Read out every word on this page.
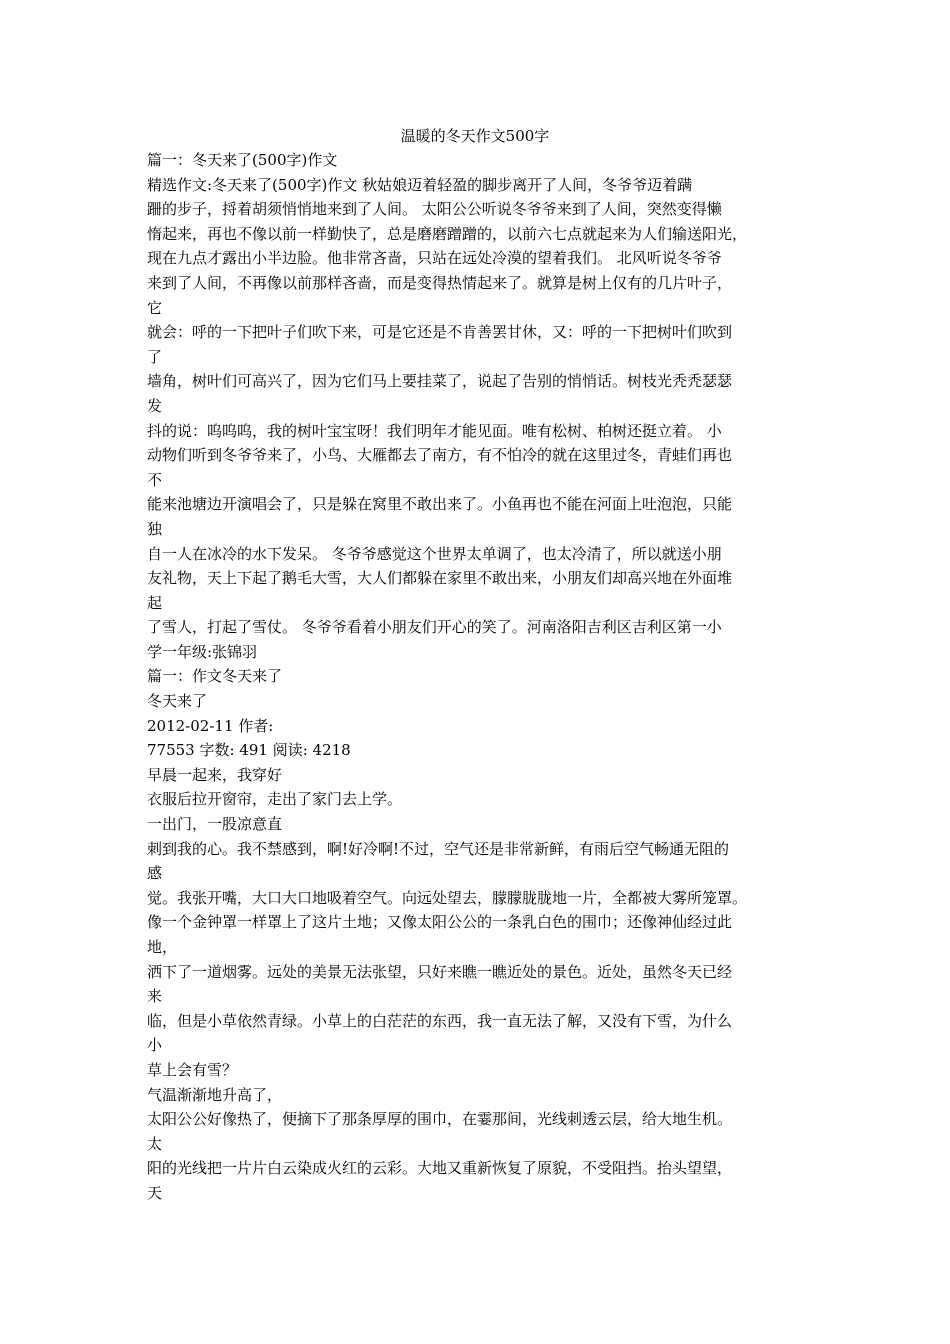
温暖的冬天作文500字
篇一：冬天来了(500字)作文
精选作文:冬天来了(500字)作文 秋姑娘迈着轻盈的脚步离开了人间，冬爷爷迈着蹒
跚的步子，捋着胡须悄悄地来到了人间。 太阳公公听说冬爷爷来到了人间，突然变得懒
惰起来，再也不像以前一样勤快了，总是磨磨蹭蹭的，以前六七点就起来为人们输送阳光，
现在九点才露出小半边脸。他非常吝啬，只站在远处冷漠的望着我们。 北风听说冬爷爷
来到了人间，不再像以前那样吝啬，而是变得热情起来了。就算是树上仅有的几片叶子，
它
就会：呼的一下把叶子们吹下来，可是它还是不肯善罢甘休，又：呼的一下把树叶们吹到
了
墙角，树叶们可高兴了，因为它们马上要挂菜了，说起了告别的悄悄话。树枝光秃秃瑟瑟
发
抖的说：呜呜呜，我的树叶宝宝呀！我们明年才能见面。唯有松树、柏树还挺立着。 小
动物们听到冬爷爷来了，小鸟、大雁都去了南方，有不怕冷的就在这里过冬，青蛙们再也
不
能来池塘边开演唱会了，只是躲在窝里不敢出来了。小鱼再也不能在河面上吐泡泡，只能
独
自一人在冰冷的水下发呆。 冬爷爷感觉这个世界太单调了，也太冷清了，所以就送小朋
友礼物，天上下起了鹅毛大雪，大人们都躲在家里不敢出来，小朋友们却高兴地在外面堆
起
了雪人，打起了雪仗。 冬爷爷看着小朋友们开心的笑了。河南洛阳吉利区吉利区第一小
学一年级:张锦羽
篇一：作文冬天来了
冬天来了
2012-02-11 作者:
77553 字数: 491 阅读: 4218
早晨一起来，我穿好
衣服后拉开窗帘，走出了家门去上学。
一出门，一股凉意直
刺到我的心。我不禁感到，啊!好冷啊!不过，空气还是非常新鲜，有雨后空气畅通无阻的
感
觉。我张开嘴，大口大口地吸着空气。向远处望去，朦朦胧胧地一片，全都被大雾所笼罩。
像一个金钟罩一样罩上了这片土地；又像太阳公公的一条乳白色的围巾；还像神仙经过此
地，
洒下了一道烟雾。远处的美景无法张望，只好来瞧一瞧近处的景色。近处，虽然冬天已经
来
临，但是小草依然青绿。小草上的白茫茫的东西，我一直无法了解，又没有下雪，为什么
小
草上会有雪？
气温渐渐地升高了，
太阳公公好像热了，便摘下了那条厚厚的围巾，在霎那间，光线刺透云层，给大地生机。
太
阳的光线把一片片白云染成火红的云彩。大地又重新恢复了原貌，不受阻挡。抬头望望，
天
